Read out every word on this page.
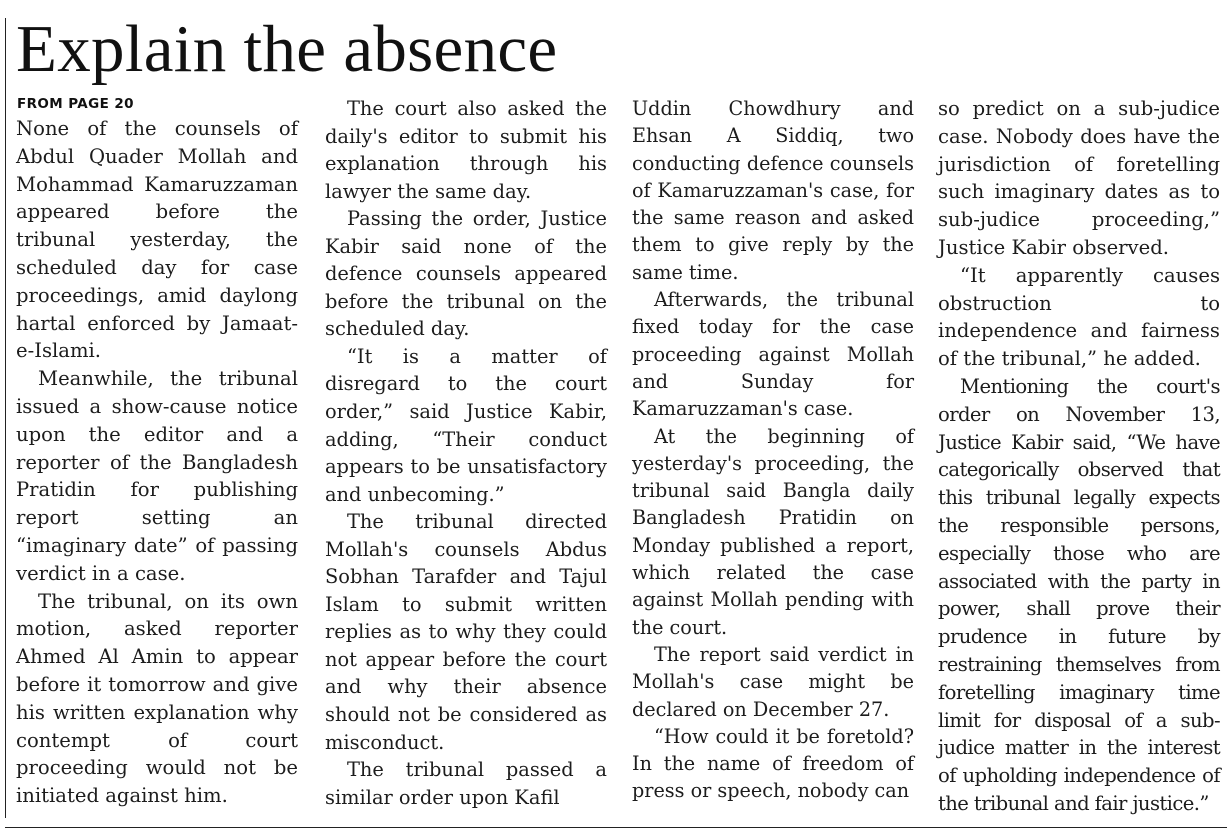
Explain the absence
FROM PAGE 20

None of the counsels of Abdul Quader Mollah and Mohammad Kamaruzzaman appeared before the tribunal yesterday, the scheduled day for case proceedings, amid daylong hartal enforced by Jamaat-e-Islami.

Meanwhile, the tribunal issued a show-cause notice upon the editor and a reporter of the Bangladesh Pratidin for publishing report setting an “imaginary date” of passing verdict in a case.

The tribunal, on its own motion, asked reporter Ahmed Al Amin to appear before it tomorrow and give his written explanation why contempt of court proceeding would not be initiated against him.

The court also asked the daily's editor to submit his explanation through his lawyer the same day.

Passing the order, Justice Kabir said none of the defence counsels appeared before the tribunal on the scheduled day.

“It is a matter of disregard to the court order,” said Justice Kabir, adding, “Their conduct appears to be unsatisfactory and unbecoming.”

The tribunal directed Mollah's counsels Abdus Sobhan Tarafder and Tajul Islam to submit written replies as to why they could not appear before the court and why their absence should not be considered as misconduct.

The tribunal passed a similar order upon Kafil

Uddin Chowdhury and Ehsan A Siddiq, two conducting defence counsels of Kamaruzzaman's case, for the same reason and asked them to give reply by the same time.

Afterwards, the tribunal fixed today for the case proceeding against Mollah and Sunday for Kamaruzzaman's case.

At the beginning of yesterday's proceeding, the tribunal said Bangla daily Bangladesh Pratidin on Monday published a report, which related the case against Mollah pending with the court.

The report said verdict in Mollah's case might be declared on December 27.

“How could it be foretold? In the name of freedom of press or speech, nobody can

so predict on a sub-judice case. Nobody does have the jurisdiction of foretelling such imaginary dates as to sub-judice proceeding,” Justice Kabir observed.

“It apparently causes obstruction to independence and fairness of the tribunal,” he added.

Mentioning the court's order on November 13, Justice Kabir said, “We have categorically observed that this tribunal legally expects the responsible persons, especially those who are associated with the party in power, shall prove their prudence in future by restraining themselves from foretelling imaginary time limit for disposal of a sub-judice matter in the interest of upholding independence of the tribunal and fair justice.”
